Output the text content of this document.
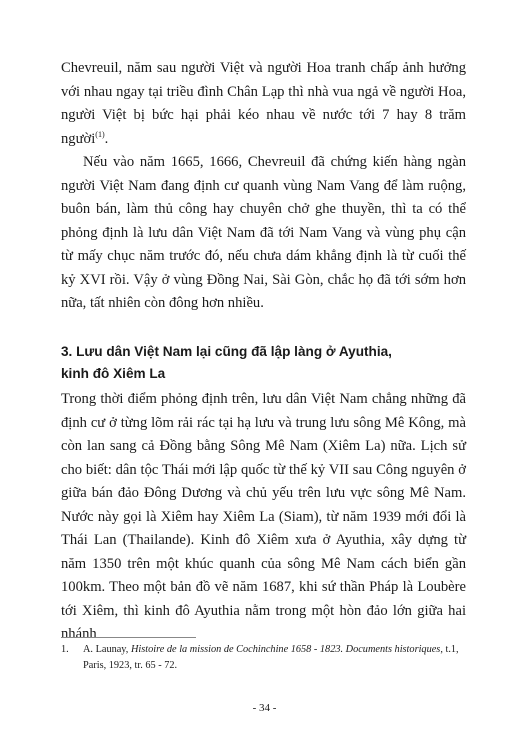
Chevreuil, năm sau người Việt và người Hoa tranh chấp ảnh hưởng với nhau ngay tại triều đình Chân Lạp thì nhà vua ngả về người Hoa, người Việt bị bức hại phải kéo nhau về nước tới 7 hay 8 trăm người$^{(1)}$.

Nếu vào năm 1665, 1666, Chevreuil đã chứng kiến hàng ngàn người Việt Nam đang định cư quanh vùng Nam Vang để làm ruộng, buôn bán, làm thủ công hay chuyên chở ghe thuyền, thì ta có thể phỏng định là lưu dân Việt Nam đã tới Nam Vang và vùng phụ cận từ mấy chục năm trước đó, nếu chưa dám khẳng định là từ cuối thế kỷ XVI rồi. Vậy ở vùng Đồng Nai, Sài Gòn, chắc họ đã tới sớm hơn nữa, tất nhiên còn đông hơn nhiều.

3. Lưu dân Việt Nam lại cũng đã lập làng ở Ayuthia,
kinh đô Xiêm La

Trong thời điểm phỏng định trên, lưu dân Việt Nam chẳng những đã định cư ở từng lõm rải rác tại hạ lưu và trung lưu sông Mê Kông, mà còn lan sang cả Đồng bằng Sông Mê Nam (Xiêm La) nữa. Lịch sử cho biết: dân tộc Thái mới lập quốc từ thế kỷ VII sau Công nguyên ở giữa bán đảo Đông Dương và chủ yếu trên lưu vực sông Mê Nam. Nước này gọi là Xiêm hay Xiêm La (Siam), từ năm 1939 mới đổi là Thái Lan (Thailande). Kinh đô Xiêm xưa ở Ayuthia, xây dựng từ năm 1350 trên một khúc quanh của sông Mê Nam cách biển gần 100km. Theo một bản đồ vẽ năm 1687, khi sứ thần Pháp là Loubère tới Xiêm, thì kinh đô Ayuthia nằm trong một hòn đảo lớn giữa hai nhánh

1. A. Launay, Histoire de la mission de Cochinchine 1658 - 1823. Documents historiques, t.1, Paris, 1923, tr. 65 - 72.
- 34 -
